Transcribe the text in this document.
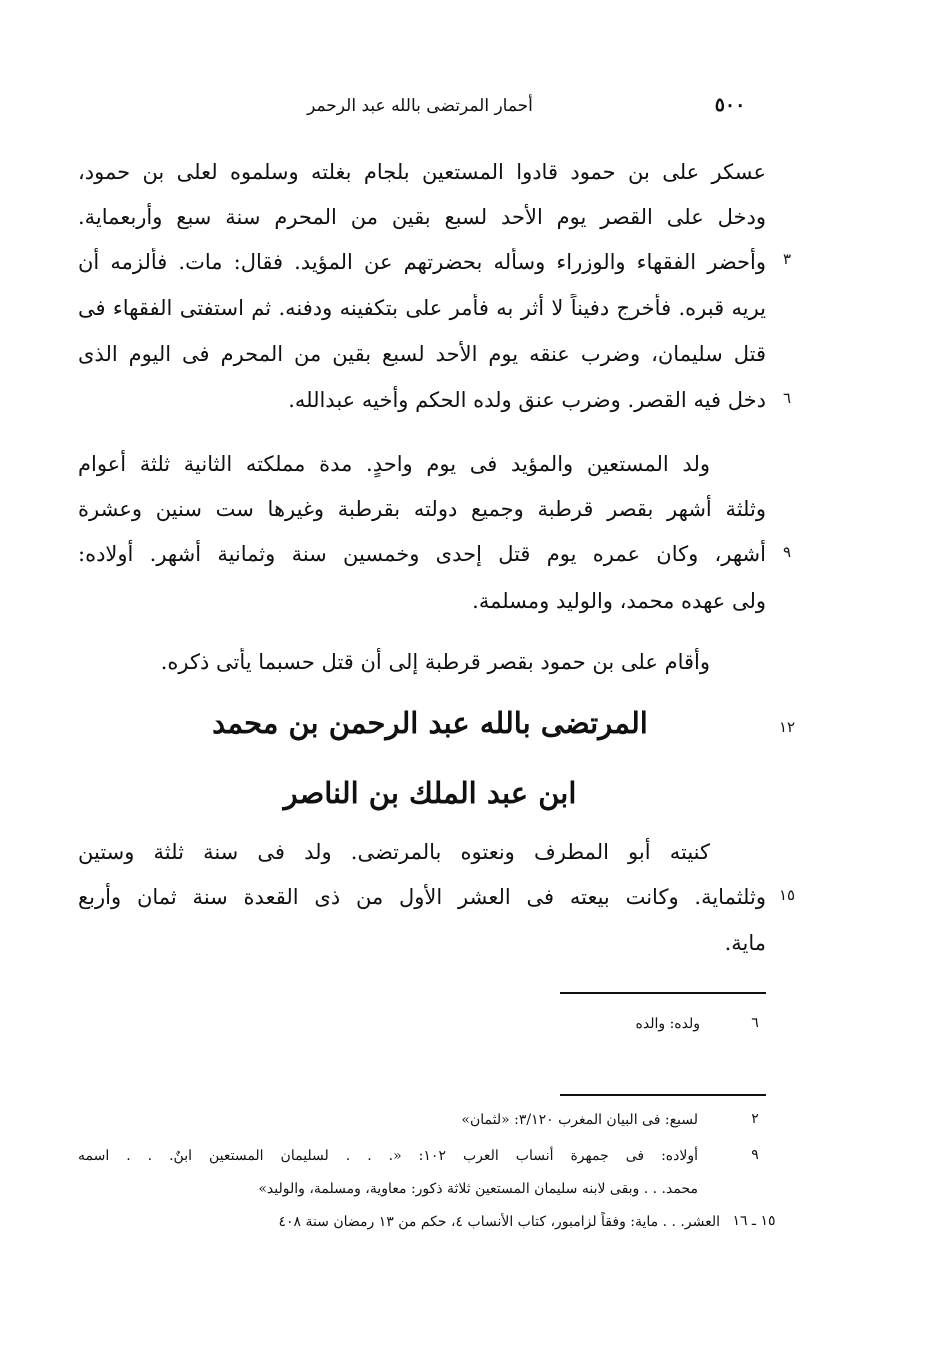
٥٠٠
أحمار المرتضى بالله عبد الرحمر
عسكر على بن حمود قادوا المستعين بلجام بغلته وسلموه لعلى بن حمود،
ودخل على القصر يوم الأحد لسبع بقين من المحرم سنة سبع وأربعماية.
٣
وأحضر الفقهاء والوزراء وسأله بحضرتهم عن المؤيد. فقال: مات. فألزمه أن
يريه قبره. فأخرج دفيناً لا أثر به فأمر على بتكفينه ودفنه. ثم استفتى الفقهاء فى
قتل سليمان، وضرب عنقه يوم الأحد لسبع بقين من المحرم فى اليوم الذى
٦
دخل فيه القصر. وضرب عنق ولده الحكم وأخيه عبدالله.
ولد المستعين والمؤيد فى يوم واحدٍ. مدة مملكته الثانية ثلثة أعوام
وثلثة أشهر بقصر قرطبة وجميع دولته بقرطبة وغيرها ست سنين وعشرة
٩
أشهر، وكان عمره يوم قتل إحدى وخمسين سنة وثمانية أشهر. أولاده:
ولى عهده محمد، والوليد ومسلمة.
وأقام على بن حمود بقصر قرطبة إلى أن قتل حسبما يأتى ذكره.
١٢
المرتضى بالله عبد الرحمن بن محمد
ابن عبد الملك بن الناصر
كنيته أبو المطرف ونعتوه بالمرتضى. ولد فى سنة ثلثة وستين
١٥
وثلثماية. وكانت بيعته فى العشر الأول من ذى القعدة سنة ثمان وأربع
ماية.
٦
ولده: والده
٢
لسبع: فى البيان المغرب ٣/١٢٠: «لثمان»
٩
أولاده: فى جمهرة أنساب العرب ١٠٢: «. . . لسليمان المستعين ابنٌ. . . اسمه
محمد. . . وبقى لابنه سليمان المستعين ثلاثة ذكور: معاوية، ومسلمة، والوليد»
١٥ ـ ١٦
العشر. . . ماية: وفقاً لزامبور، كتاب الأنساب ٤، حكم من ١٣ رمضان سنة ٤٠٨
